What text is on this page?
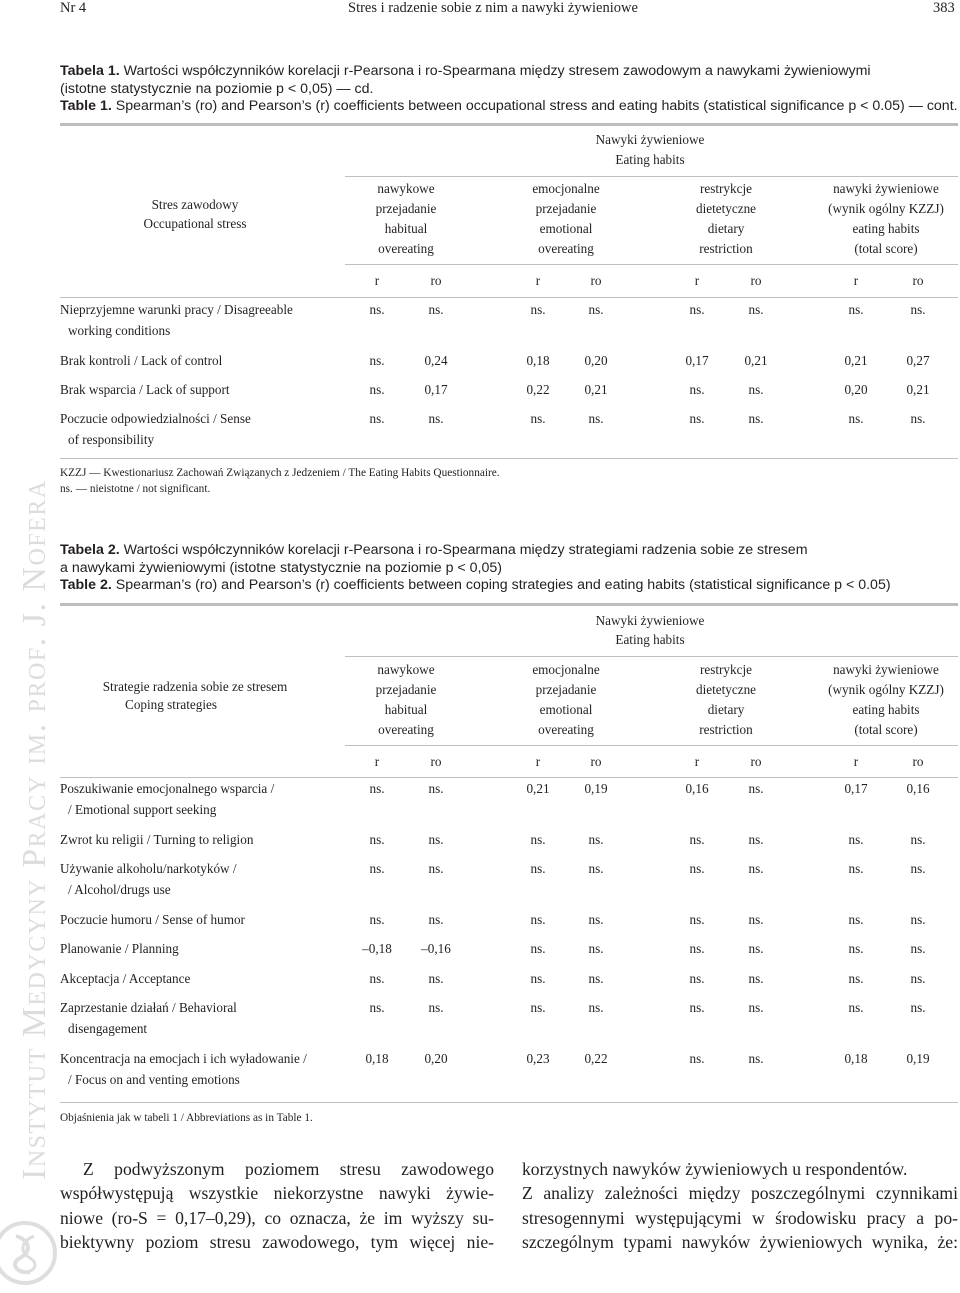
Nr 4	Stres i radzenie sobie z nim a nawyki żywieniowe	383
Tabela 1. Wartości współczynników korelacji r-Pearsona i ro-Spearmana między stresem zawodowym a nawykami żywieniowymi
(istotne statystycznie na poziomie p < 0,05) — cd.
Table 1. Spearman’s (ro) and Pearson’s (r) coefficients between occupational stress and eating habits (statistical significance p < 0.05) — cont.
Nawyki żywieniowe
Eating habits
Stres zawodowy
Occupational stress
nawykowe
przejadanie
habitual
overeating
emocjonalne
przejadanie
emotional
overeating
restrykcje
dietetyczne
dietary
restriction
nawyki żywieniowe
(wynik ogólny KZZJ)
eating habits
(total score)
r	ro	r	ro	r	ro	r	ro
Nieprzyjemne warunki pracy / Disagreeable
working conditions
ns.	ns.	ns.	ns.	ns.	ns.	ns.	ns.
Brak kontroli / Lack of control	ns.	0,24	0,18	0,20	0,17	0,21	0,21	0,27
Brak wsparcia / Lack of support	ns.	0,17	0,22	0,21	ns.	ns.	0,20	0,21
Poczucie odpowiedzialności / Sense
of responsibility
ns.	ns.	ns.	ns.	ns.	ns.	ns.	ns.
KZZJ — Kwestionariusz Zachowań Związanych z Jedzeniem / The Eating Habits Questionnaire.
ns. — nieistotne / not significant.
Tabela 2. Wartości współczynników korelacji r-Pearsona i ro-Spearmana między strategiami radzenia sobie ze stresem
a nawykami żywieniowymi (istotne statystycznie na poziomie p < 0,05)
Table 2. Spearman’s (ro) and Pearson’s (r) coefficients between coping strategies and eating habits (statistical significance p < 0.05)
Nawyki żywieniowe
Eating habits
Strategie radzenia sobie ze stresem
Coping strategies
nawykowe
przejadanie
habitual
overeating
emocjonalne
przejadanie
emotional
overeating
restrykcje
dietetyczne
dietary
restriction
nawyki żywieniowe
(wynik ogólny KZZJ)
eating habits
(total score)
r	ro	r	ro	r	ro	r	ro
Poszukiwanie emocjonalnego wsparcia /
/ Emotional support seeking
ns.	ns.	0,21	0,19	0,16	ns.	0,17	0,16
Zwrot ku religii / Turning to religion	ns.	ns.	ns.	ns.	ns.	ns.	ns.	ns.
Używanie alkoholu/narkotyków /
/ Alcohol/drugs use
ns.	ns.	ns.	ns.	ns.	ns.	ns.	ns.
Poczucie humoru / Sense of humor	ns.	ns.	ns.	ns.	ns.	ns.	ns.	ns.
Planowanie / Planning	–0,18 –0,16	ns.	ns.	ns.	ns.	ns.	ns.
Akceptacja / Acceptance	ns.	ns.	ns.	ns.	ns.	ns.	ns.	ns.
Zaprzestanie działań / Behavioral
disengagement
ns.	ns.	ns.	ns.	ns.	ns.	ns.	ns.
Koncentracja na emocjach i ich wyładowanie /
/ Focus on and venting emotions
0,18	0,20	0,23	0,22	ns.	ns.	0,18	0,19
Objaśnienia jak w tabeli 1 / Abbreviations as in Table 1.
Z podwyższonym poziomem stresu zawodowego
współwystępują wszystkie niekorzystne nawyki żywie-
niowe (ro-S = 0,17–0,29), co oznacza, że im wyższy su-
biektywny poziom stresu zawodowego, tym więcej nie-
korzystnych nawyków żywieniowych u respondentów.
Z analizy zależności między poszczególnymi czynnikami
stresogennymi występującymi w środowisku pracy a po-
szczególnym typami nawyków żywieniowych wynika, że:
Instytut Medycyny Pracy im. prof. J. Nofera
